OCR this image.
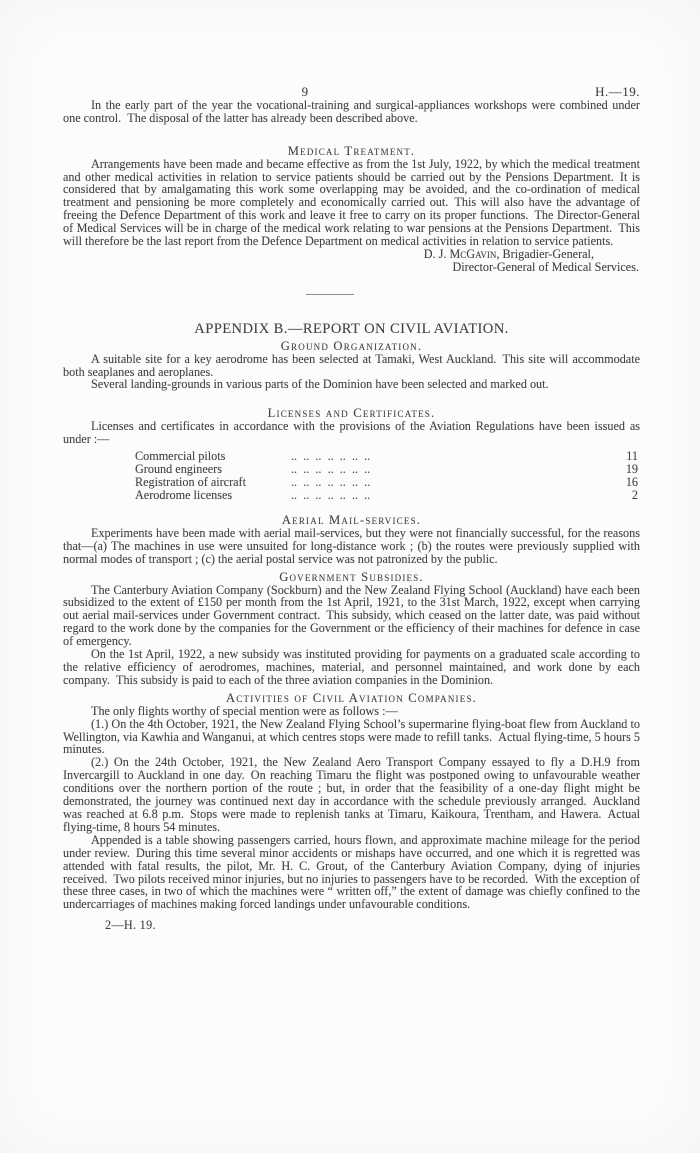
9	H.—19.

In the early part of the year the vocational-training and surgical-appliances workshops were combined under one control. The disposal of the latter has already been described above.

Medical Treatment.

Arrangements have been made and became effective as from the 1st July, 1922, by which the medical treatment and other medical activities in relation to service patients should be carried out by the Pensions Department. It is considered that by amalgamating this work some overlapping may be avoided, and the co-ordination of medical treatment and pensioning be more completely and economically carried out. This will also have the advantage of freeing the Defence Department of this work and leave it free to carry on its proper functions. The Director-General of Medical Services will be in charge of the medical work relating to war pensions at the Pensions Department. This will therefore be the last report from the Defence Department on medical activities in relation to service patients.

D. J. McGavin, Brigadier-General,

Director-General of Medical Services.

APPENDIX B.—REPORT ON CIVIL AVIATION.
Ground Organization.

A suitable site for a key aerodrome has been selected at Tamaki, West Auckland. This site will accommodate both seaplanes and aeroplanes.

Several landing-grounds in various parts of the Dominion have been selected and marked out.

Licenses and Certificates.

Licenses and certificates in accordance with the provisions of the Aviation Regulations have been issued as under :—

Commercial pilots	.. .. .. .. .. .. ..	11
Ground engineers	.. .. .. .. .. .. ..	19
Registration of aircraft	.. .. .. .. .. .. ..	16
Aerodrome licenses	.. .. .. .. .. .. ..	2
Aerial Mail-services.

Experiments have been made with aerial mail-services, but they were not financially successful, for the reasons that—(a) The machines in use were unsuited for long-distance work ; (b) the routes were previously supplied with normal modes of transport ; (c) the aerial postal service was not patronized by the public.

Government Subsidies.

The Canterbury Aviation Company (Sockburn) and the New Zealand Flying School (Auckland) have each been subsidized to the extent of £150 per month from the 1st April, 1921, to the 31st March, 1922, except when carrying out aerial mail-services under Government contract. This subsidy, which ceased on the latter date, was paid without regard to the work done by the companies for the Government or the efficiency of their machines for defence in case of emergency.

On the 1st April, 1922, a new subsidy was instituted providing for payments on a graduated scale according to the relative efficiency of aerodromes, machines, material, and personnel maintained, and work done by each company. This subsidy is paid to each of the three aviation companies in the Dominion.

Activities of Civil Aviation Companies.

The only flights worthy of special mention were as follows :—

(1.) On the 4th October, 1921, the New Zealand Flying School’s supermarine flying-boat flew from Auckland to Wellington, via Kawhia and Wanganui, at which centres stops were made to refill tanks. Actual flying-time, 5 hours 5 minutes.

(2.) On the 24th October, 1921, the New Zealand Aero Transport Company essayed to fly a D.H.9 from Invercargill to Auckland in one day. On reaching Timaru the flight was postponed owing to unfavourable weather conditions over the northern portion of the route ; but, in order that the feasibility of a one-day flight might be demonstrated, the journey was continued next day in accordance with the schedule previously arranged. Auckland was reached at 6.8 p.m. Stops were made to replenish tanks at Timaru, Kaikoura, Trentham, and Hawera. Actual flying-time, 8 hours 54 minutes.

Appended is a table showing passengers carried, hours flown, and approximate machine mileage for the period under review. During this time several minor accidents or mishaps have occurred, and one which it is regretted was attended with fatal results, the pilot, Mr. H. C. Grout, of the Canterbury Aviation Company, dying of injuries received. Two pilots received minor injuries, but no injuries to passengers have to be recorded. With the exception of these three cases, in two of which the machines were “ written off,” the extent of damage was chiefly confined to the undercarriages of machines making forced landings under unfavourable conditions.

2—H. 19.
